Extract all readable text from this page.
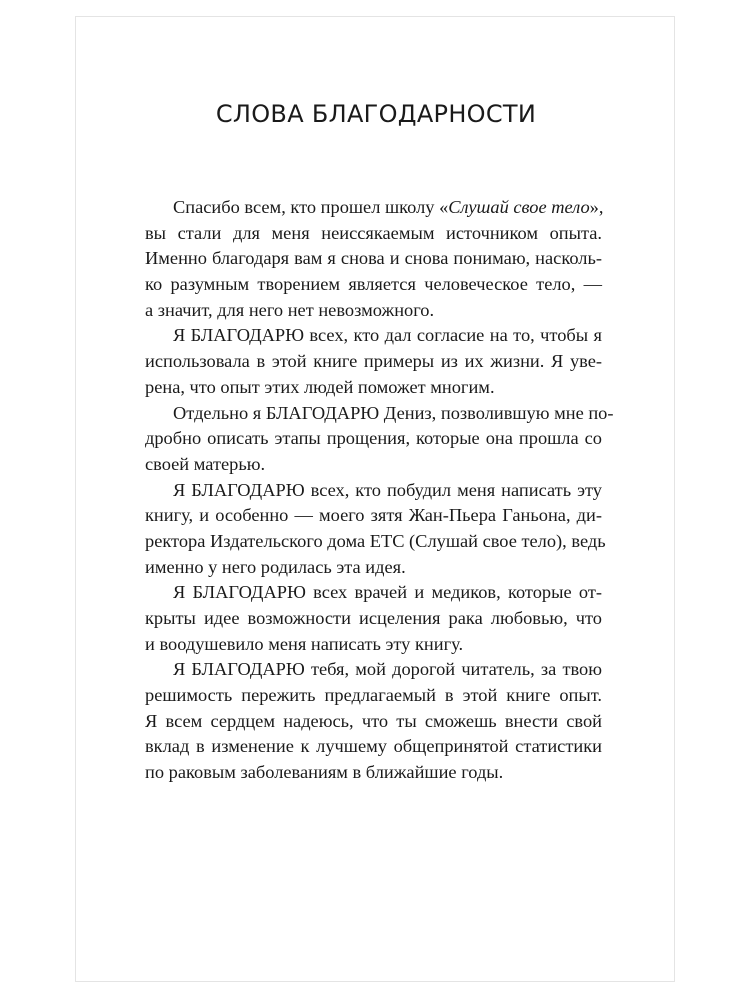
СЛОВА БЛАГОДАРНОСТИ
Спасибо всем, кто прошел школу «Слушай свое тело»,
вы стали для меня неиссякаемым источником опыта.
Именно благодаря вам я снова и снова понимаю, насколь-
ко разумным творением является человеческое тело, —
а значит, для него нет невозможного.
Я БЛАГОДАРЮ всех, кто дал согласие на то, чтобы я
использовала в этой книге примеры из их жизни. Я уве-
рена, что опыт этих людей поможет многим.
Отдельно я БЛАГОДАРЮ Дениз, позволившую мне по-
дробно описать этапы прощения, которые она прошла со
своей матерью.
Я БЛАГОДАРЮ всех, кто побудил меня написать эту
книгу, и особенно — моего зятя Жан-Пьера Ганьона, ди-
ректора Издательского дома ETC (Слушай свое тело), ведь
именно у него родилась эта идея.
Я БЛАГОДАРЮ всех врачей и медиков, которые от-
крыты идее возможности исцеления рака любовью, что
и воодушевило меня написать эту книгу.
Я БЛАГОДАРЮ тебя, мой дорогой читатель, за твою
решимость пережить предлагаемый в этой книге опыт.
Я всем сердцем надеюсь, что ты сможешь внести свой
вклад в изменение к лучшему общепринятой статистики
по раковым заболеваниям в ближайшие годы.
